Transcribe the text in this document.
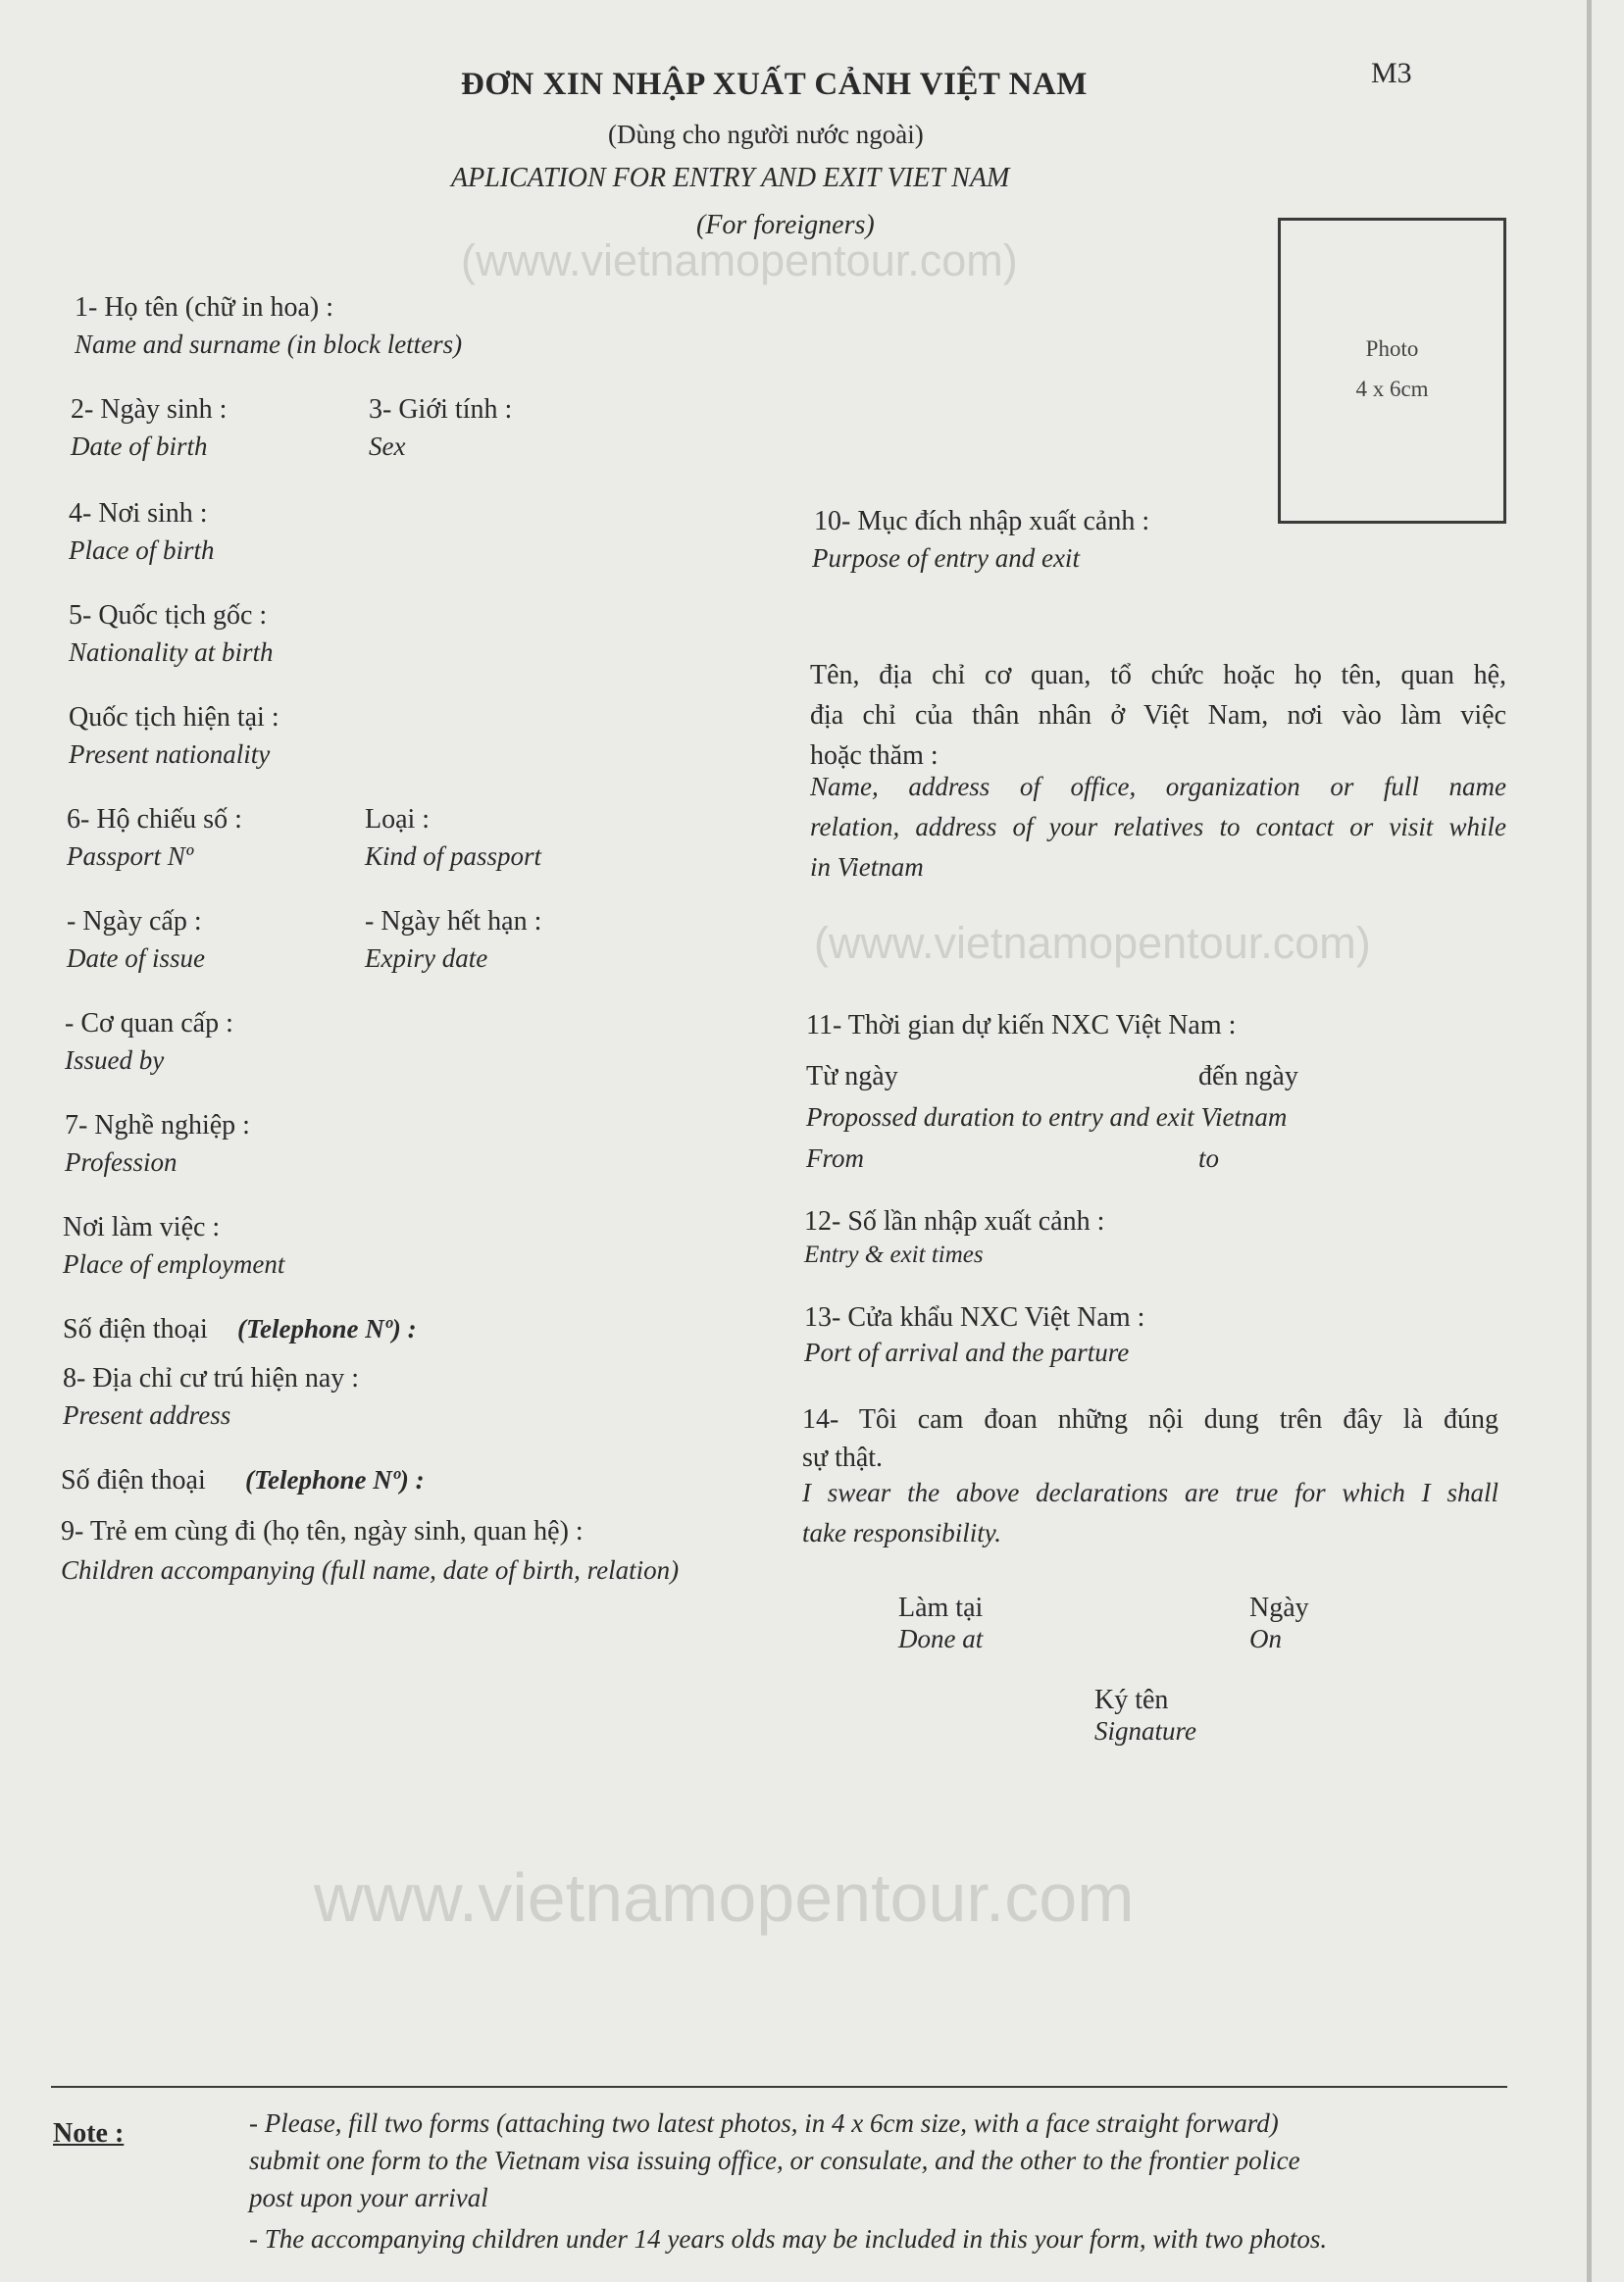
ĐƠN XIN NHẬP XUẤT CẢNH VIỆT NAM	M3
(Dùng cho người nước ngoài)
APLICATION FOR ENTRY AND EXIT VIET NAM
(For foreigners)
(www.vietnamopentour.com)
(www.vietnamopentour.com)
www.vietnamopentour.com
Photo
4 x 6cm
1- Họ tên (chữ in hoa) :
Name and surname (in block letters)
2- Ngày sinh :
Date of birth
3- Giới tính :
Sex
4- Nơi sinh :
Place of birth
5- Quốc tịch gốc :
Nationality at birth
Quốc tịch hiện tại :
Present nationality
6- Hộ chiếu số :
Passport Nº
Loại :
Kind of passport
- Ngày cấp :
Date of issue
- Ngày hết hạn :
Expiry date
- Cơ quan cấp :
Issued by
7- Nghề nghiệp :
Profession
Nơi làm việc :
Place of employment
Số điện thoại (Telephone Nº) :
8- Địa chỉ cư trú hiện nay :
Present address
Số điện thoại (Telephone Nº) :
9- Trẻ em cùng đi (họ tên, ngày sinh, quan hệ) :
Children accompanying (full name, date of birth, relation)
10- Mục đích nhập xuất cảnh :
Purpose of entry and exit
Tên, địa chỉ cơ quan, tổ chức hoặc họ tên, quan hệ,
địa chỉ của thân nhân ở Việt Nam, nơi vào làm việc
hoặc thăm :
Name, address of office, organization or full name
relation, address of your relatives to contact or visit while
in Vietnam
11- Thời gian dự kiến NXC Việt Nam :
Từ ngày	đến ngày
Propossed duration to entry and exit Vietnam
From	to
12- Số lần nhập xuất cảnh :
Entry & exit times
13- Cửa khẩu NXC Việt Nam :
Port of arrival and the parture
14- Tôi cam đoan những nội dung trên đây là đúng
sự thật.
I swear the above declarations are true for which I shall
take responsibility.
Làm tại
Done at
Ngày
On
Ký tên
Signature
Note :	- Please, fill two forms (attaching two latest photos, in 4 x 6cm size, with a face straight forward)
submit one form to the Vietnam visa issuing office, or consulate, and the other to the frontier police
post upon your arrival
- The accompanying children under 14 years olds may be included in this your form, with two photos.
